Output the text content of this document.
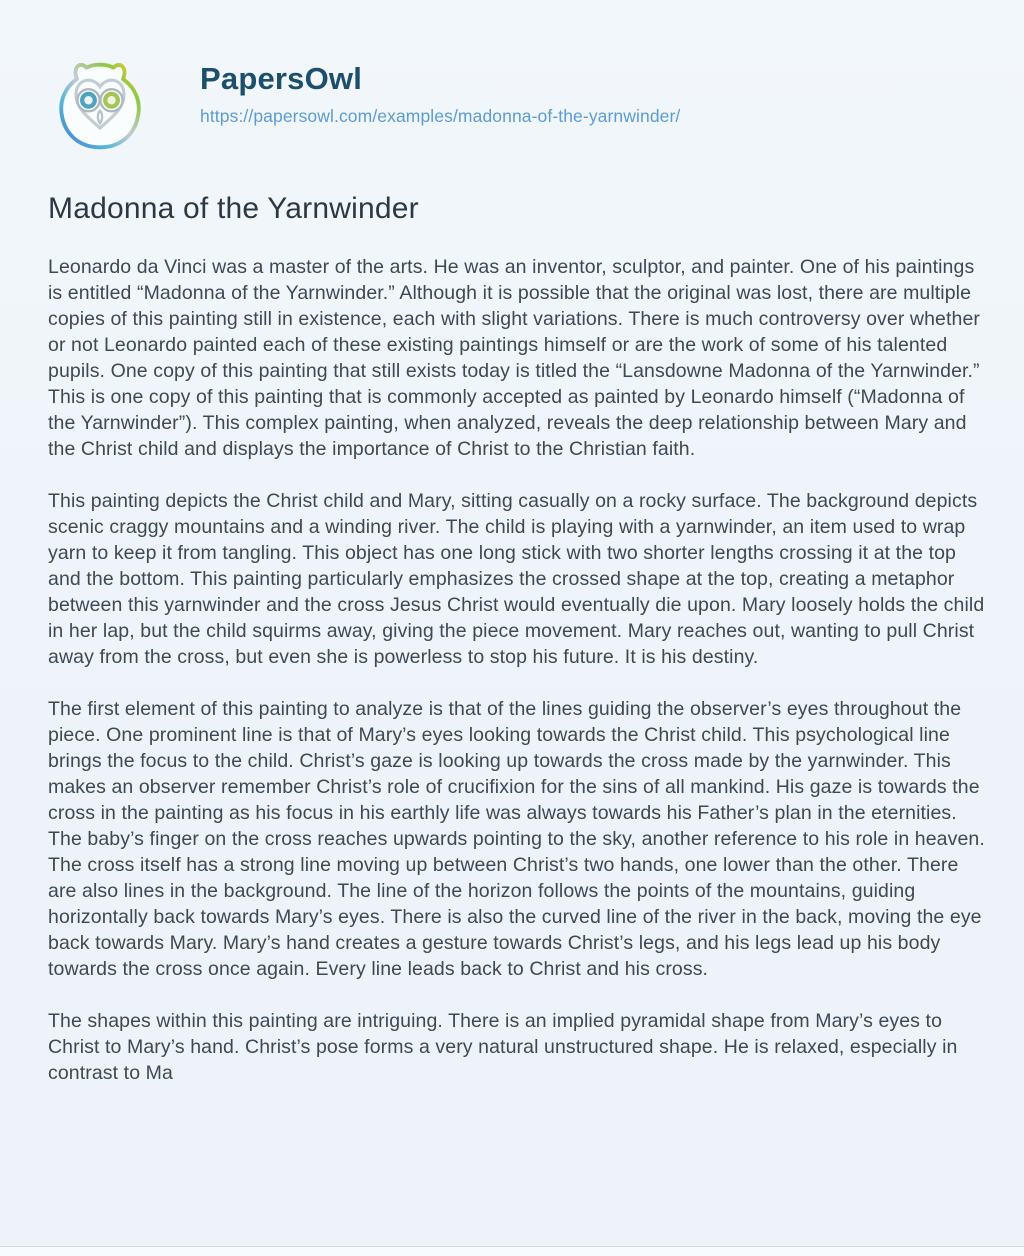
PapersOwl
https://papersowl.com/examples/madonna-of-the-yarnwinder/
Madonna of the Yarnwinder

Leonardo da Vinci was a master of the arts. He was an inventor, sculptor, and painter. One of his paintings is entitled “Madonna of the Yarnwinder.” Although it is possible that the original was lost, there are multiple copies of this painting still in existence, each with slight variations. There is much controversy over whether or not Leonardo painted each of these existing paintings himself or are the work of some of his talented pupils. One copy of this painting that still exists today is titled the “Lansdowne Madonna of the Yarnwinder.” This is one copy of this painting that is commonly accepted as painted by Leonardo himself (“Madonna of the Yarnwinder”). This complex painting, when analyzed, reveals the deep relationship between Mary and the Christ child and displays the importance of Christ to the Christian faith.

This painting depicts the Christ child and Mary, sitting casually on a rocky surface. The background depicts scenic craggy mountains and a winding river. The child is playing with a yarnwinder, an item used to wrap yarn to keep it from tangling. This object has one long stick with two shorter lengths crossing it at the top and the bottom. This painting particularly emphasizes the crossed shape at the top, creating a metaphor between this yarnwinder and the cross Jesus Christ would eventually die upon. Mary loosely holds the child in her lap, but the child squirms away, giving the piece movement. Mary reaches out, wanting to pull Christ away from the cross, but even she is powerless to stop his future. It is his destiny.

The first element of this painting to analyze is that of the lines guiding the observer’s eyes throughout the piece. One prominent line is that of Mary’s eyes looking towards the Christ child. This psychological line brings the focus to the child. Christ’s gaze is looking up towards the cross made by the yarnwinder. This makes an observer remember Christ’s role of crucifixion for the sins of all mankind. His gaze is towards the cross in the painting as his focus in his earthly life was always towards his Father’s plan in the eternities. The baby’s finger on the cross reaches upwards pointing to the sky, another reference to his role in heaven. The cross itself has a strong line moving up between Christ’s two hands, one lower than the other. There are also lines in the background. The line of the horizon follows the points of the mountains, guiding horizontally back towards Mary’s eyes. There is also the curved line of the river in the back, moving the eye back towards Mary. Mary’s hand creates a gesture towards Christ’s legs, and his legs lead up his body towards the cross once again. Every line leads back to Christ and his cross.

The shapes within this painting are intriguing. There is an implied pyramidal shape from Mary’s eyes to Christ to Mary’s hand. Christ’s pose forms a very natural unstructured shape. He is relaxed, especially in contrast to Ma
